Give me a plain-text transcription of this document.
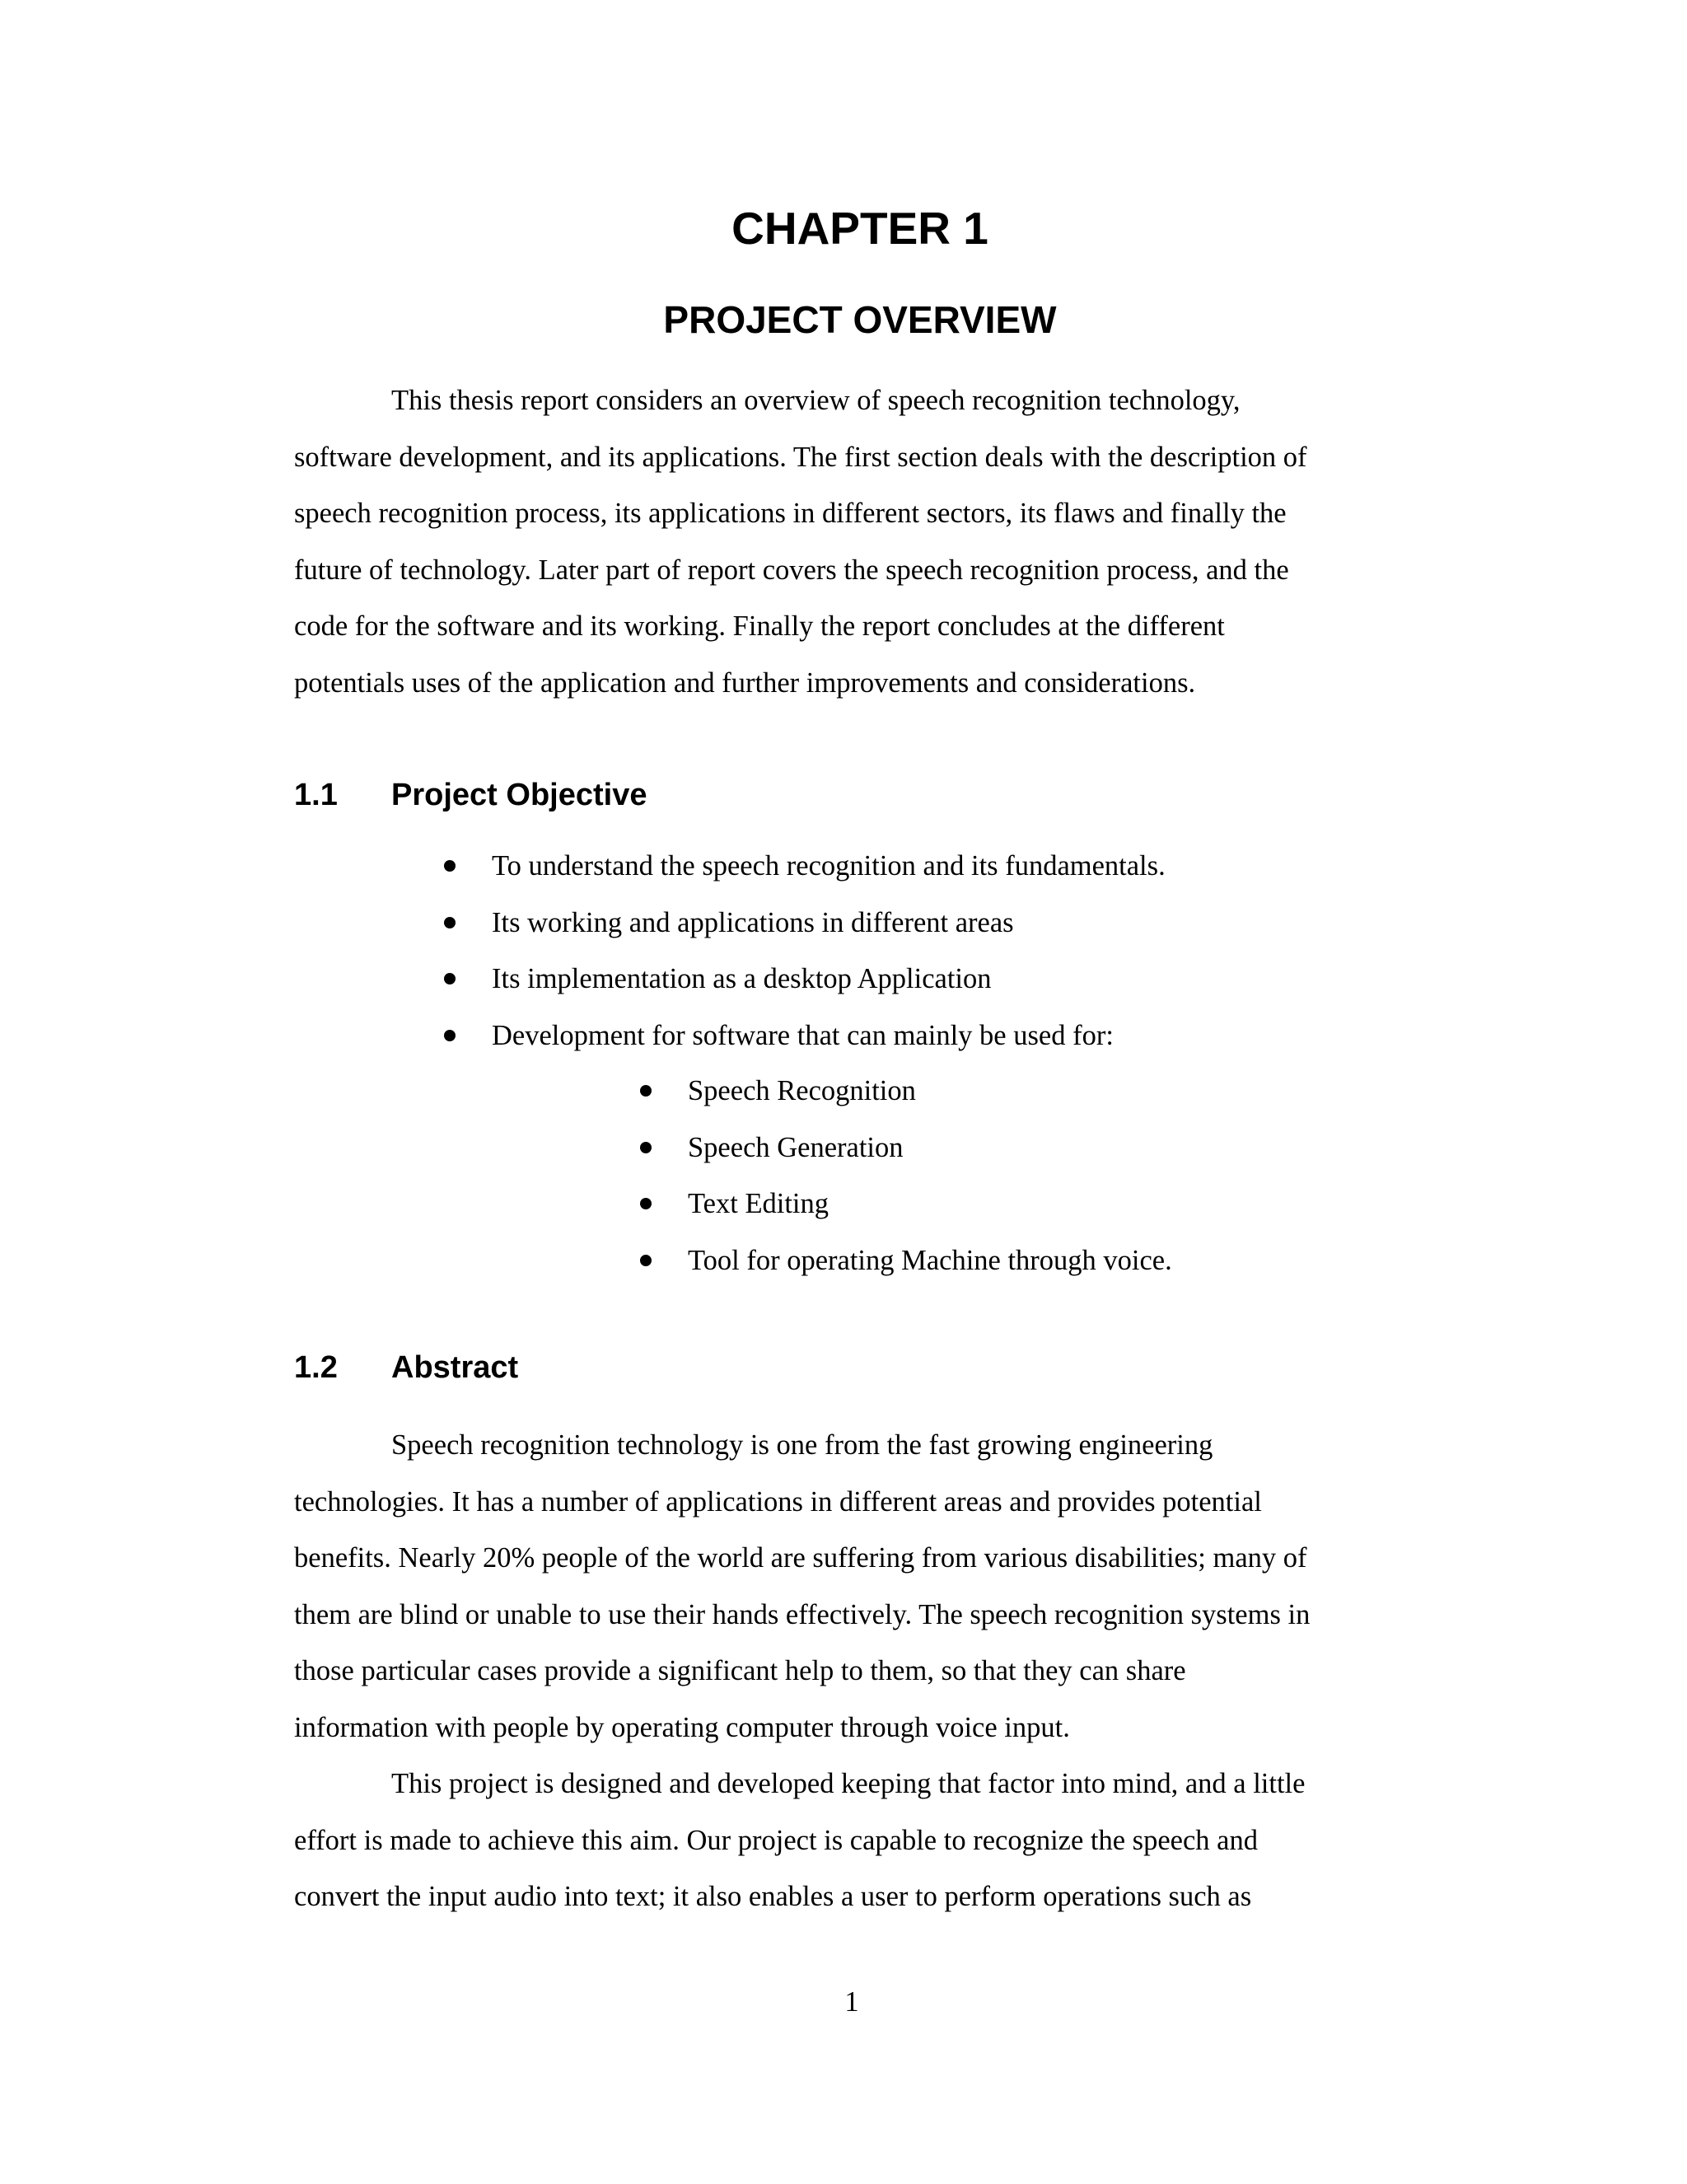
CHAPTER 1
PROJECT OVERVIEW
This thesis report considers an overview of speech recognition technology,
software development, and its applications. The first section deals with the description of
speech recognition process, its applications in different sectors, its flaws and finally the
future of technology. Later part of report covers the speech recognition process, and the
code for the software and its working. Finally the report concludes at the different
potentials uses of the application and further improvements and considerations.
1.1 Project Objective
To understand the speech recognition and its fundamentals.
Its working and applications in different areas
Its implementation as a desktop Application
Development for software that can mainly be used for:
Speech Recognition
Speech Generation
Text Editing
Tool for operating Machine through voice.
1.2 Abstract
Speech recognition technology is one from the fast growing engineering
technologies. It has a number of applications in different areas and provides potential
benefits. Nearly 20% people of the world are suffering from various disabilities; many of
them are blind or unable to use their hands effectively. The speech recognition systems in
those particular cases provide a significant help to them, so that they can share
information with people by operating computer through voice input.
This project is designed and developed keeping that factor into mind, and a little
effort is made to achieve this aim. Our project is capable to recognize the speech and
convert the input audio into text; it also enables a user to perform operations such as
1
